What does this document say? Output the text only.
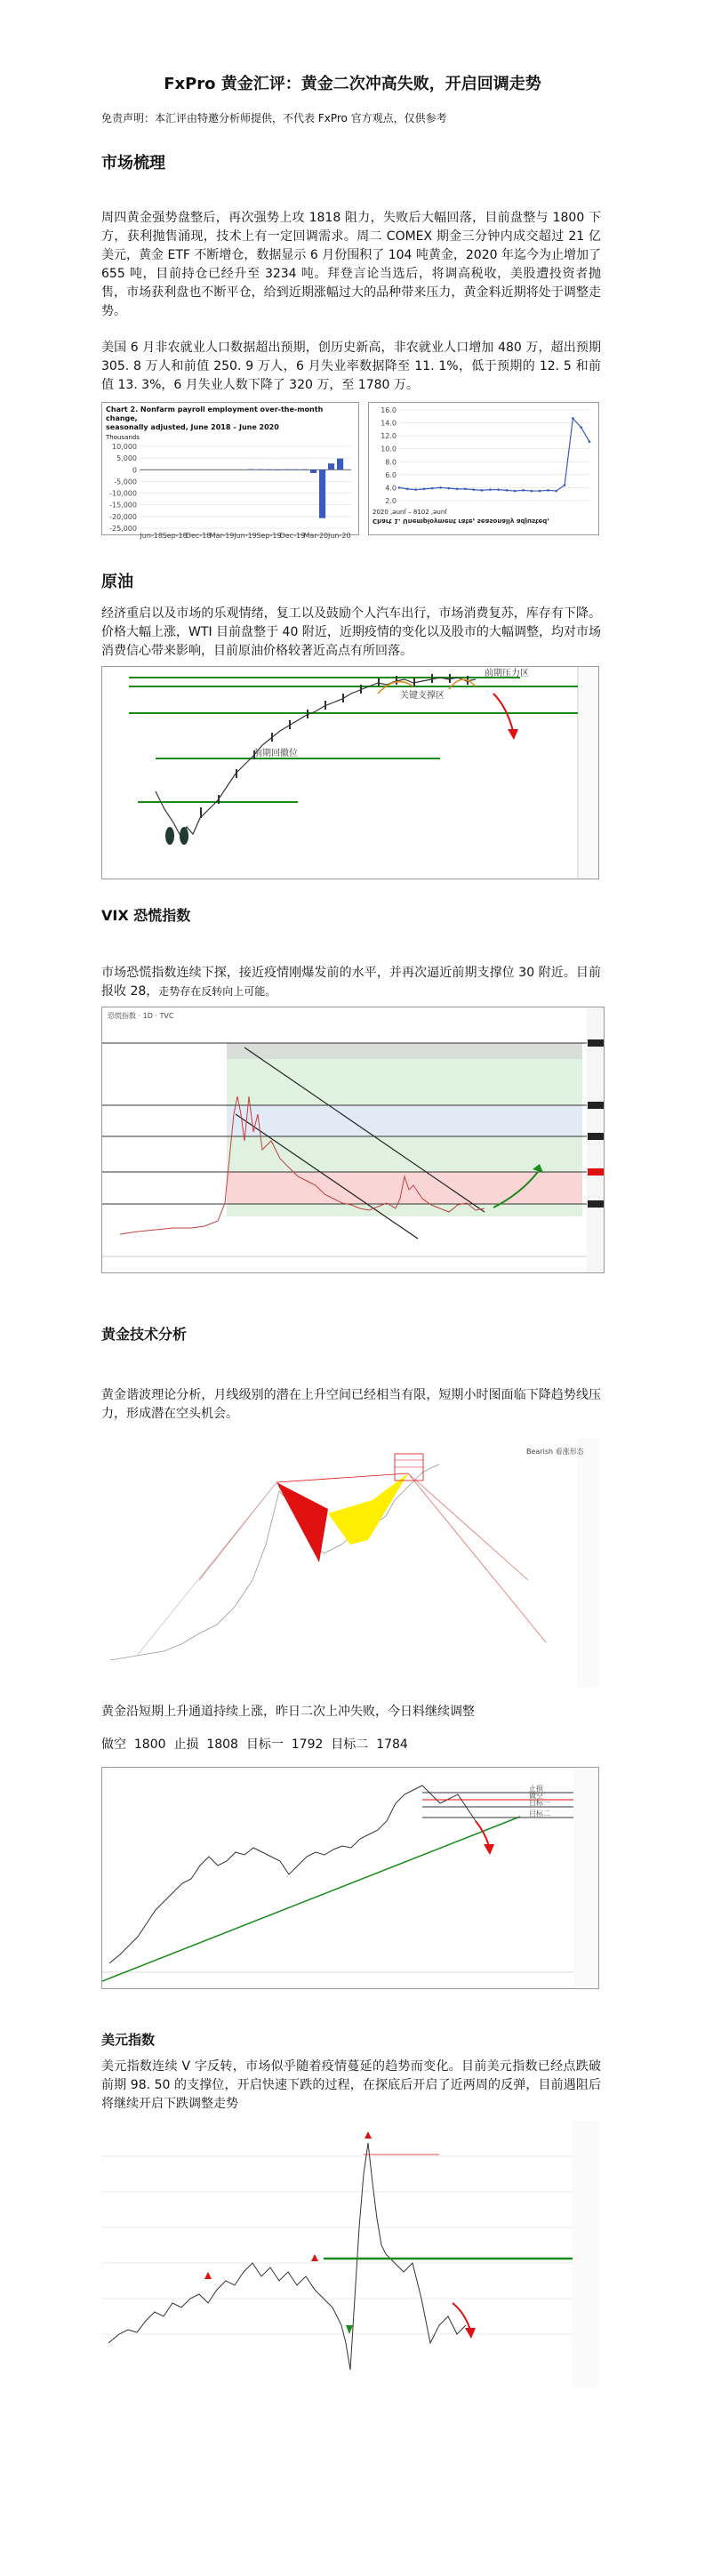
FxPro 黄金汇评：黄金二次冲高失败，开启回调走势
免责声明：本汇评由特邀分析师提供，不代表 FxPro 官方观点，仅供参考
市场梳理
周四黄金强势盘整后，再次强势上攻 1818 阻力，失败后大幅回落，目前盘整与 1800 下方，获利抛售涌现，技术上有一定回调需求。周二 COMEX 期金三分钟内成交超过 21 亿美元，黄金 ETF 不断增仓，数据显示 6 月份围积了 104 吨黄金，2020 年迄今为止增加了 655 吨，目前持仓已经升至 3234 吨。拜登言论当选后，将调高税收，美股遭投资者抛售，市场获利盘也不断平仓，给到近期涨幅过大的品种带来压力，黄金料近期将处于调整走势。
美国 6 月非农就业人口数据超出预期，创历史新高，非农就业人口增加 480 万，超出预期 305. 8 万人和前值 250. 9 万人，6 月失业率数据降至 11. 1%，低于预期的 12. 5 和前值 13. 3%，6 月失业人数下降了 320 万，至 1780 万。
Chart 2. Nonfarm payroll employment over-the-month change,
seasonally adjusted, June 2018 – June 2020
Thousands
10,000
5,000
0
-5,000
-10,000
-15,000
-20,000
-25,000
Jun-18 Sep-18
Dec-18
Mar-19 Jun-19 Sep-19
Dec-19
Mar-20 Jun-20
16.0
14.0
12.0
10.0
8.0
6.0
4.0
2.0
2020 ,ǝunſ – 8102 ,ǝunſ
Chart 1. Unemployment rate, seasonally adjusted,
原油
经济重启以及市场的乐观情绪，复工以及鼓励个人汽车出行，市场消费复苏，库存有下降。价格大幅上涨，WTI 目前盘整于 40 附近，近期疫情的变化以及股市的大幅调整，均对市场消费信心带来影响，目前原油价格较著近高点有所回落。
前期压力区
关键支撑区
前期回撤位
VIX 恐慌指数
市场恐慌指数连续下探，接近疫情刚爆发前的水平，并再次逼近前期支撑位 30 附近。目前报收 28，走势存在反转向上可能。
恐慌指数 · 1D · TVC
黄金技术分析
黄金谐波理论分析，月线级别的潜在上升空间已经相当有限，短期小时图面临下降趋势线压力，形成潜在空头机会。
Bearish 看涨形态
黄金沿短期上升通道持续上涨，昨日二次上冲失败，今日料继续调整
做空  1800  止损  1808  目标一  1792  目标二  1784
止损
做空
目标一
目标二
美元指数
美元指数连续 V 字反转，市场似乎随着疫情蔓延的趋势而变化。目前美元指数已经点跌破前期 98. 50 的支撑位，开启快速下跌的过程，在探底后开启了近两周的反弹，目前遇阻后将继续开启下跌调整走势
